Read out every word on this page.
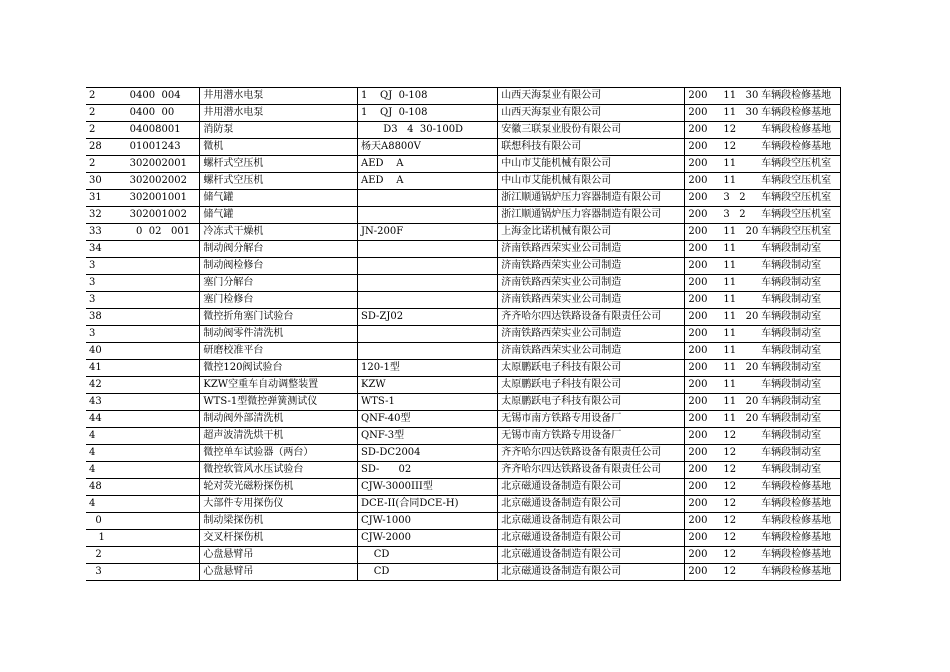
2	0400  004	井用潜水电泵	1    QJ  0-108	山西天海泵业有限公司	200     11   30	车辆段检修基地
2	0400  00	井用潜水电泵	1    QJ  0-108	山西天海泵业有限公司	200     11   30	车辆段检修基地
2	04008001	消防泵	D3   4  30-100D	安徽三联泵业股份有限公司	200     12	车辆段检修基地
28	01001243	微机	杨天A8800V	联想科技有限公司	200     12	车辆段检修基地
2	302002001	螺杆式空压机	AED    A	中山市艾能机械有限公司	200     11	车辆段空压机室
30	302002002	螺杆式空压机	AED    A	中山市艾能机械有限公司	200     11	车辆段空压机室
31	302001001	储气罐		浙江顺通锅炉压力容器制造有限公司	200     3   2	车辆段空压机室
32	302001002	储气罐		浙江顺通锅炉压力容器制造有限公司	200     3   2	车辆段空压机室
33	0  02   001	冷冻式干燥机	JN-200F	上海金比诺机械有限公司	200     11   20	车辆段空压机室
34		制动阀分解台		济南铁路西荣实业公司制造	200     11	车辆段制动室
3		制动阀检修台		济南铁路西荣实业公司制造	200     11	车辆段制动室
3		塞门分解台		济南铁路西荣实业公司制造	200     11	车辆段制动室
3		塞门检修台		济南铁路西荣实业公司制造	200     11	车辆段制动室
38		微控折角塞门试验台	SD-ZJ02	齐齐哈尔四达铁路设备有限责任公司	200     11   20	车辆段制动室
3		制动阀零件清洗机		济南铁路西荣实业公司制造	200     11	车辆段制动室
40		研磨校准平台		济南铁路西荣实业公司制造	200     11	车辆段制动室
41		微控120阀试验台	120-1型	太原鹏跃电子科技有限公司	200     11   20	车辆段制动室
42		KZW空重车自动调整装置	KZW	太原鹏跃电子科技有限公司	200     11	车辆段制动室
43		WTS-1型微控弹簧测试仪	WTS-1	太原鹏跃电子科技有限公司	200     11   20	车辆段制动室
44		制动阀外部清洗机	QNF-40型	无锡市南方铁路专用设备厂	200     11   20	车辆段制动室
4		超声波清洗烘干机	QNF-3型	无锡市南方铁路专用设备厂	200     12	车辆段制动室
4		微控单车试验器（两台）	SD-DC2004	齐齐哈尔四达铁路设备有限责任公司	200     12	车辆段制动室
4		微控软管风水压试验台	SD-      02	齐齐哈尔四达铁路设备有限责任公司	200     12	车辆段制动室
48		轮对荧光磁粉探伤机	CJW-3000III型	北京磁通设备制造有限公司	200     12	车辆段检修基地
4		大部件专用探伤仪	DCE-II(合同DCE-H)	北京磁通设备制造有限公司	200     12	车辆段检修基地
0		制动梁探伤机	CJW-1000	北京磁通设备制造有限公司	200     12	车辆段检修基地
1		交叉杆探伤机	CJW-2000	北京磁通设备制造有限公司	200     12	车辆段检修基地
2		心盘悬臂吊	CD	北京磁通设备制造有限公司	200     12	车辆段检修基地
3		心盘悬臂吊	CD	北京磁通设备制造有限公司	200     12	车辆段检修基地
